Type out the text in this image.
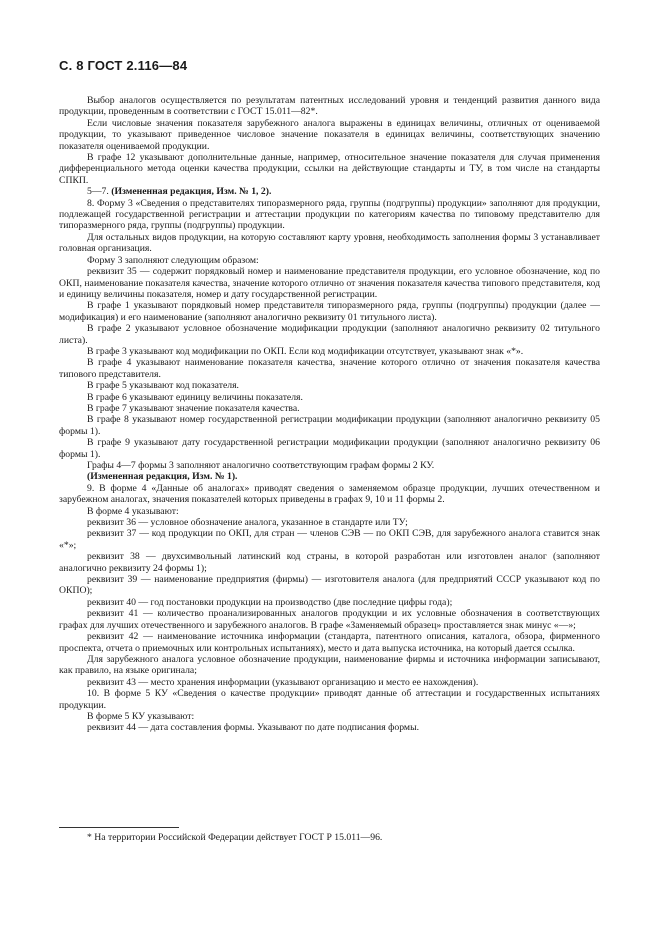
С. 8 ГОСТ 2.116—84

Выбор аналогов осуществляется по результатам патентных исследований уровня и тенденций развития данного вида продукции, проведенным в соответствии с ГОСТ 15.011—82*.

Если числовые значения показателя зарубежного аналога выражены в единицах величины, отличных от оцениваемой продукции, то указывают приведенное числовое значение показателя в единицах величины, соответствующих значению показателя оцениваемой продукции.

В графе 12 указывают дополнительные данные, например, относительное значение показателя для случая применения дифференциального метода оценки качества продукции, ссылки на действующие стандарты и ТУ, в том числе на стандарты СПКП.

5—7. (Измененная редакция, Изм. № 1, 2).

8. Форму 3 «Сведения о представителях типоразмерного ряда, группы (подгруппы) продукции» заполняют для продукции, подлежащей государственной регистрации и аттестации продукции по категориям качества по типовому представителю для типоразмерного ряда, группы (подгруппы) продукции.

Для остальных видов продукции, на которую составляют карту уровня, необходимость заполнения формы 3 устанавливает головная организация.

Форму 3 заполняют следующим образом:

реквизит 35 — содержит порядковый номер и наименование представителя продукции, его условное обозначение, код по ОКП, наименование показателя качества, значение которого отлично от значения показателя качества типового представителя, код и единицу величины показателя, номер и дату государственной регистрации.

В графе 1 указывают порядковый номер представителя типоразмерного ряда, группы (подгруппы) продукции (далее — модификация) и его наименование (заполняют аналогично реквизиту 01 титульного листа).

В графе 2 указывают условное обозначение модификации продукции (заполняют аналогично реквизиту 02 титульного листа).

В графе 3 указывают код модификации по ОКП. Если код модификации отсутствует, указывают знак «*».

В графе 4 указывают наименование показателя качества, значение которого отлично от значения показателя качества типового представителя.

В графе 5 указывают код показателя.

В графе 6 указывают единицу величины показателя.

В графе 7 указывают значение показателя качества.

В графе 8 указывают номер государственной регистрации модификации продукции (заполняют аналогично реквизиту 05 формы 1).

В графе 9 указывают дату государственной регистрации модификации продукции (заполняют аналогично реквизиту 06 формы 1).

Графы 4—7 формы 3 заполняют аналогично соответствующим графам формы 2 КУ.

(Измененная редакция, Изм. № 1).

9. В форме 4 «Данные об аналогах» приводят сведения о заменяемом образце продукции, лучших отечественном и зарубежном аналогах, значения показателей которых приведены в графах 9, 10 и 11 формы 2.

В форме 4 указывают:

реквизит 36 — условное обозначение аналога, указанное в стандарте или ТУ;

реквизит 37 — код продукции по ОКП, для стран — членов СЭВ — по ОКП СЭВ, для зарубежного аналога ставится знак «*»;

реквизит 38 — двухсимвольный латинский код страны, в которой разработан или изготовлен аналог (заполняют аналогично реквизиту 24 формы 1);

реквизит 39 — наименование предприятия (фирмы) — изготовителя аналога (для предприятий СССР указывают код по ОКПО);

реквизит 40 — год постановки продукции на производство (две последние цифры года);

реквизит 41 — количество проанализированных аналогов продукции и их условные обозначения в соответствующих графах для лучших отечественного и зарубежного аналогов. В графе «Заменяемый образец» проставляется знак минус «—»;

реквизит 42 — наименование источника информации (стандарта, патентного описания, каталога, обзора, фирменного проспекта, отчета о приемочных или контрольных испытаниях), место и дата выпуска источника, на который дается ссылка.

Для зарубежного аналога условное обозначение продукции, наименование фирмы и источника информации записывают, как правило, на языке оригинала;

реквизит 43 — место хранения информации (указывают организацию и место ее нахождения).

10. В форме 5 КУ «Сведения о качестве продукции» приводят данные об аттестации и государственных испытаниях продукции.

В форме 5 КУ указывают:

реквизит 44 — дата составления формы. Указывают по дате подписания формы.

* На территории Российской Федерации действует ГОСТ Р 15.011—96.
